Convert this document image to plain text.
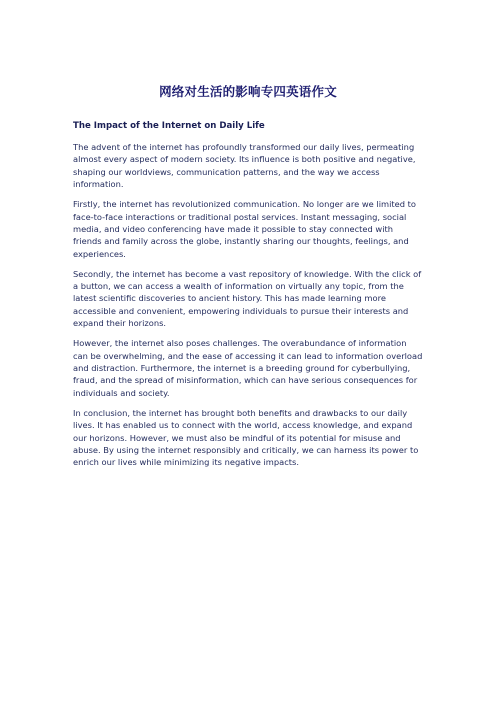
网络对生活的影响专四英语作文
The Impact of the Internet on Daily Life

The advent of the internet has profoundly transformed our daily lives, permeating almost every aspect of modern society. Its influence is both positive and negative, shaping our worldviews, communication patterns, and the way we access information.

Firstly, the internet has revolutionized communication. No longer are we limited to face-to-face interactions or traditional postal services. Instant messaging, social media, and video conferencing have made it possible to stay connected with friends and family across the globe, instantly sharing our thoughts, feelings, and experiences.

Secondly, the internet has become a vast repository of knowledge. With the click of a button, we can access a wealth of information on virtually any topic, from the latest scientific discoveries to ancient history. This has made learning more accessible and convenient, empowering individuals to pursue their interests and expand their horizons.

However, the internet also poses challenges. The overabundance of information can be overwhelming, and the ease of accessing it can lead to information overload and distraction. Furthermore, the internet is a breeding ground for cyberbullying, fraud, and the spread of misinformation, which can have serious consequences for individuals and society.

In conclusion, the internet has brought both benefits and drawbacks to our daily lives. It has enabled us to connect with the world, access knowledge, and expand our horizons. However, we must also be mindful of its potential for misuse and abuse. By using the internet responsibly and critically, we can harness its power to enrich our lives while minimizing its negative impacts.
